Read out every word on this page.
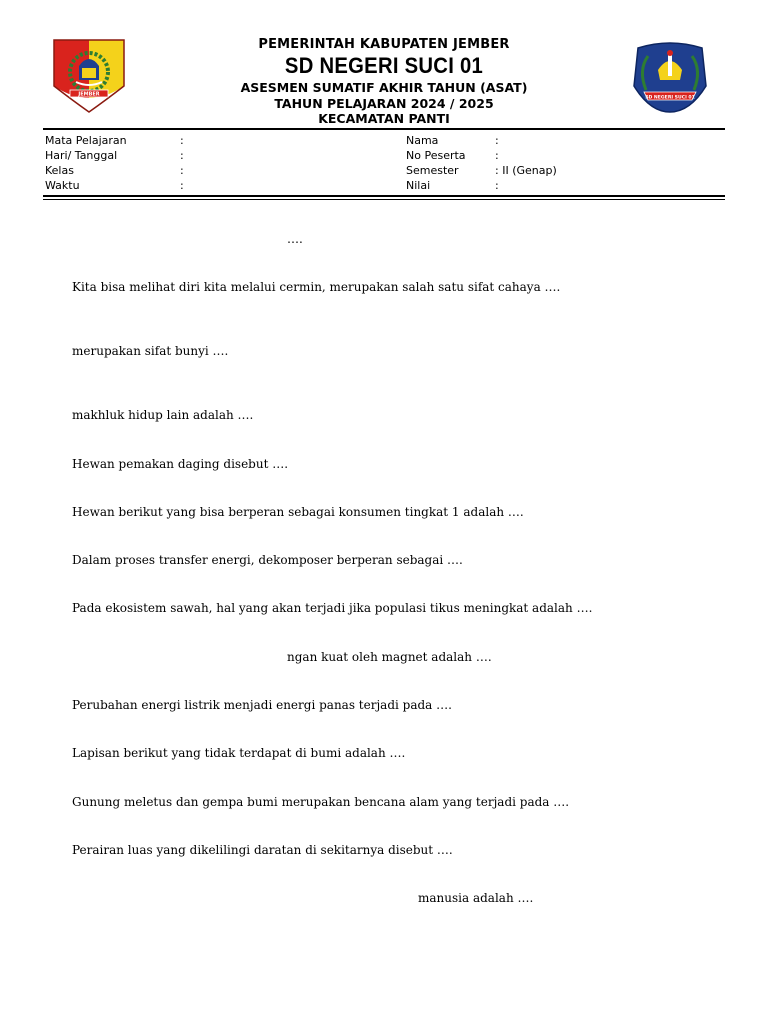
JEMBER
PEMERINTAH KABUPATEN JEMBER
SD NEGERI SUCI 01
ASESMEN SUMATIF AKHIR TAHUN (ASAT)
TAHUN PELAJARAN 2024 / 2025
KECAMATAN PANTI
SD NEGERI SUCI 01
Mata Pelajaran	:
Hari/ Tanggal	:
Kelas	:
Waktu	:
Nama	:
No Peserta	:
Semester	: II (Genap)
Nilai	:
….
Kita bisa melihat diri kita melalui cermin, merupakan salah satu sifat cahaya ….
merupakan sifat bunyi ….
makhluk hidup lain adalah ….
Hewan pemakan daging disebut ….
Hewan berikut yang bisa berperan sebagai konsumen tingkat 1 adalah ….
Dalam proses transfer energi, dekomposer berperan sebagai ….
Pada ekosistem sawah, hal yang akan terjadi jika populasi tikus meningkat adalah ….
ngan kuat oleh magnet adalah ….
Perubahan energi listrik menjadi energi panas terjadi pada ….
Lapisan berikut yang tidak terdapat di bumi adalah ….
Gunung meletus dan gempa bumi merupakan bencana alam yang terjadi pada ….
Perairan luas yang dikelilingi daratan di sekitarnya disebut ….
manusia adalah ….
